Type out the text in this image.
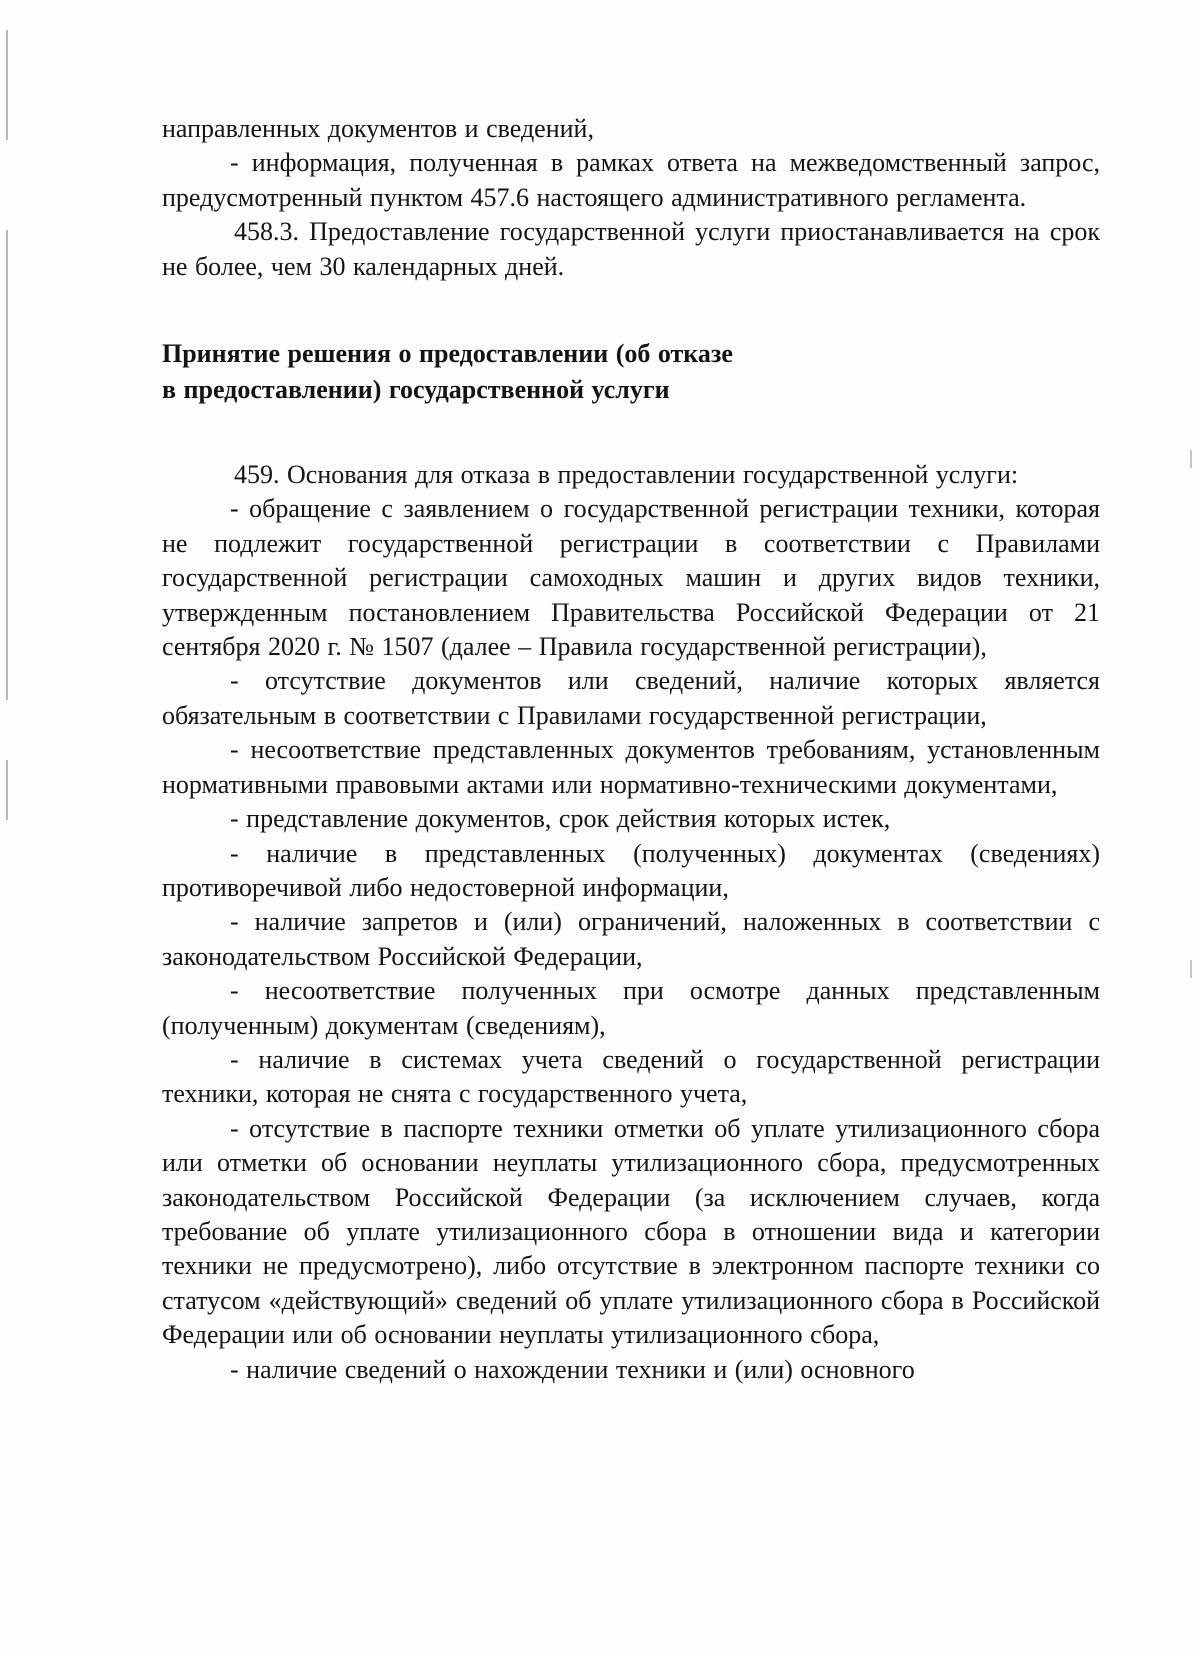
направленных документов и сведений,

- информация, полученная в рамках ответа на межведомственный запрос, предусмотренный пунктом 457.6 настоящего административного регламента.

458.3. Предоставление государственной услуги приостанавливается на срок не более, чем 30 календарных дней.

Принятие решения о предоставлении (об отказе

в предоставлении) государственной услуги

459. Основания для отказа в предоставлении государственной услуги:

- обращение с заявлением о государственной регистрации техники, которая не подлежит государственной регистрации в соответствии с Правилами государственной регистрации самоходных машин и других видов техники, утвержденным постановлением Правительства Российской Федерации от 21 сентября 2020 г. № 1507 (далее – Правила государственной регистрации),

- отсутствие документов или сведений, наличие которых является обязательным в соответствии с Правилами государственной регистрации,

- несоответствие представленных документов требованиям, установленным нормативными правовыми актами или нормативно-техническими документами,

- представление документов, срок действия которых истек,

- наличие в представленных (полученных) документах (сведениях) противоречивой либо недостоверной информации,

- наличие запретов и (или) ограничений, наложенных в соответствии с законодательством Российской Федерации,

- несоответствие полученных при осмотре данных представленным (полученным) документам (сведениям),

- наличие в системах учета сведений о государственной регистрации техники, которая не снята с государственного учета,

- отсутствие в паспорте техники отметки об уплате утилизационного сбора или отметки об основании неуплаты утилизационного сбора, предусмотренных законодательством Российской Федерации (за исключением случаев, когда требование об уплате утилизационного сбора в отношении вида и категории техники не предусмотрено), либо отсутствие в электронном паспорте техники со статусом «действующий» сведений об уплате утилизационного сбора в Российской Федерации или об основании неуплаты утилизационного сбора,

- наличие сведений о нахождении техники и (или) основного
